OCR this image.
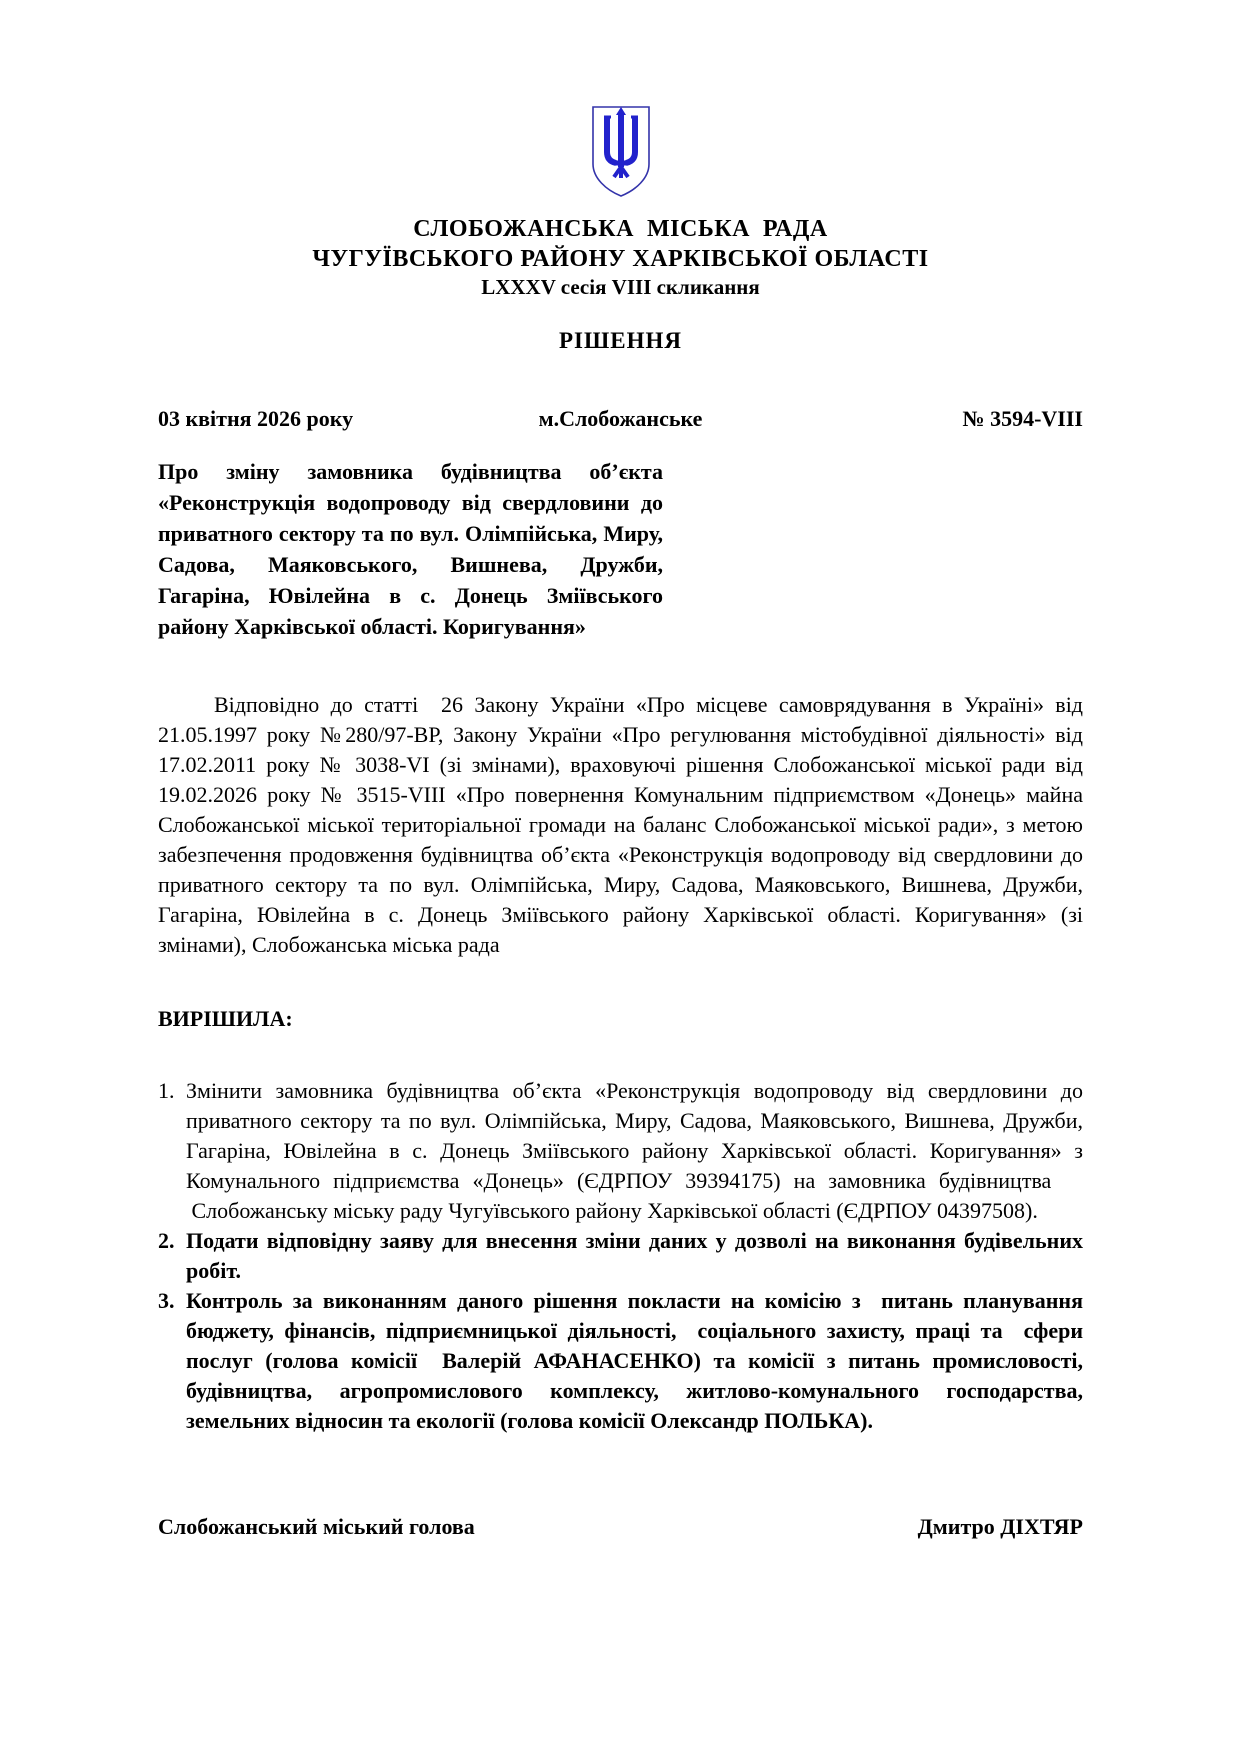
СЛОБОЖАНСЬКА  МІСЬКА  РАДА
ЧУГУЇВСЬКОГО РАЙОНУ ХАРКІВСЬКОЇ ОБЛАСТІ
LXXXV сесія VIII скликання
РІШЕННЯ
03 квітня 2026 року	м.Слобожанське	№ 3594-VIII
Про зміну замовника будівництва об’єкта «Реконструкція водопроводу від свердловини до приватного сектору та по вул. Олімпійська, Миру, Садова, Маяковського, Вишнева, Дружби, Гагаріна, Ювілейна в с. Донець Зміївського району Харківської області. Коригування»
Відповідно до статті  26 Закону України «Про місцеве самоврядування в Україні» від 21.05.1997 року №280/97-ВР, Закону України «Про регулювання містобудівної діяльності» від 17.02.2011 року № 3038-VI (зі змінами), враховуючі рішення Слобожанської міської ради від 19.02.2026 року № 3515-VIII «Про повернення Комунальним підприємством «Донець» майна Слобожанської міської територіальної громади на баланс Слобожанської міської ради», з метою забезпечення продовження будівництва об’єкта «Реконструкція водопроводу від свердловини до приватного сектору та по вул. Олімпійська, Миру, Садова, Маяковського, Вишнева, Дружби, Гагаріна, Ювілейна в с. Донець Зміївського району Харківської області. Коригування» (зі змінами), Слобожанська міська рада
ВИРІШИЛА:
1. Змінити замовника будівництва об’єкта «Реконструкція водопроводу від свердловини до приватного сектору та по вул. Олімпійська, Миру, Садова, Маяковського, Вишнева, Дружби, Гагаріна, Ювілейна в с. Донець Зміївського району Харківської області. Коригування» з Комунального підприємства «Донець» (ЄДРПОУ 39394175) на замовника будівництва     Слобожанську міську раду Чугуївського району Харківської області (ЄДРПОУ 04397508).
2. Подати відповідну заяву для внесення зміни даних у дозволі на виконання будівельних робіт.
3. Контроль за виконанням даного рішення покласти на комісію з  питань планування бюджету, фінансів, підприємницької діяльності,  соціального захисту, праці та  сфери послуг (голова комісії  Валерій АФАНАСЕНКО) та комісії з питань промисловості, будівництва, агропромислового комплексу, житлово-комунального господарства, земельних відносин та екології (голова комісії Олександр ПОЛЬКА).
Слобожанський міський голова	Дмитро ДІХТЯР
